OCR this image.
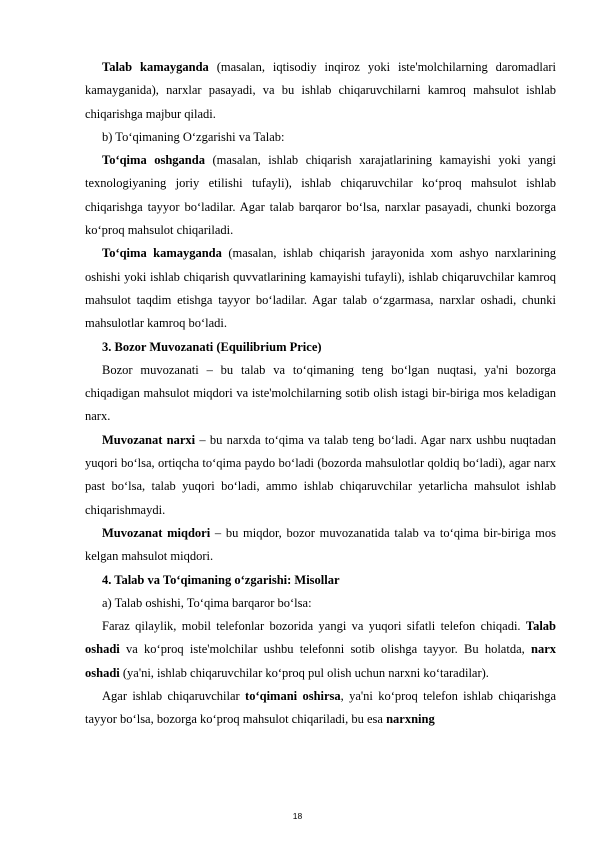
Talab kamayganda (masalan, iqtisodiy inqiroz yoki iste'molchilarning daromadlari kamayganida), narxlar pasayadi, va bu ishlab chiqaruvchilarni kamroq mahsulot ishlab chiqarishga majbur qiladi.

b) To‘qimaning O‘zgarishi va Talab:

To‘qima oshganda (masalan, ishlab chiqarish xarajatlarining kamayishi yoki yangi texnologiyaning joriy etilishi tufayli), ishlab chiqaruvchilar ko‘proq mahsulot ishlab chiqarishga tayyor bo‘ladilar. Agar talab barqaror bo‘lsa, narxlar pasayadi, chunki bozorga ko‘proq mahsulot chiqariladi.

To‘qima kamayganda (masalan, ishlab chiqarish jarayonida xom ashyo narxlarining oshishi yoki ishlab chiqarish quvvatlarining kamayishi tufayli), ishlab chiqaruvchilar kamroq mahsulot taqdim etishga tayyor bo‘ladilar. Agar talab o‘zgarmasa, narxlar oshadi, chunki mahsulotlar kamroq bo‘ladi.

3. Bozor Muvozanati (Equilibrium Price)

Bozor muvozanati – bu talab va to‘qimaning teng bo‘lgan nuqtasi, ya'ni bozorga chiqadigan mahsulot miqdori va iste'molchilarning sotib olish istagi bir-biriga mos keladigan narx.

Muvozanat narxi – bu narxda to‘qima va talab teng bo‘ladi. Agar narx ushbu nuqtadan yuqori bo‘lsa, ortiqcha to‘qima paydo bo‘ladi (bozorda mahsulotlar qoldiq bo‘ladi), agar narx past bo‘lsa, talab yuqori bo‘ladi, ammo ishlab chiqaruvchilar yetarlicha mahsulot ishlab chiqarishmaydi.

Muvozanat miqdori – bu miqdor, bozor muvozanatida talab va to‘qima bir-biriga mos kelgan mahsulot miqdori.

4. Talab va To‘qimaning o‘zgarishi: Misollar

a) Talab oshishi, To‘qima barqaror bo‘lsa:

Faraz qilaylik, mobil telefonlar bozorida yangi va yuqori sifatli telefon chiqadi. Talab oshadi va ko‘proq iste'molchilar ushbu telefonni sotib olishga tayyor. Bu holatda, narx oshadi (ya'ni, ishlab chiqaruvchilar ko‘proq pul olish uchun narxni ko‘taradilar).

Agar ishlab chiqaruvchilar to‘qimani oshirsa, ya'ni ko‘proq telefon ishlab chiqarishga tayyor bo‘lsa, bozorga ko‘proq mahsulot chiqariladi, bu esa narxning

18
